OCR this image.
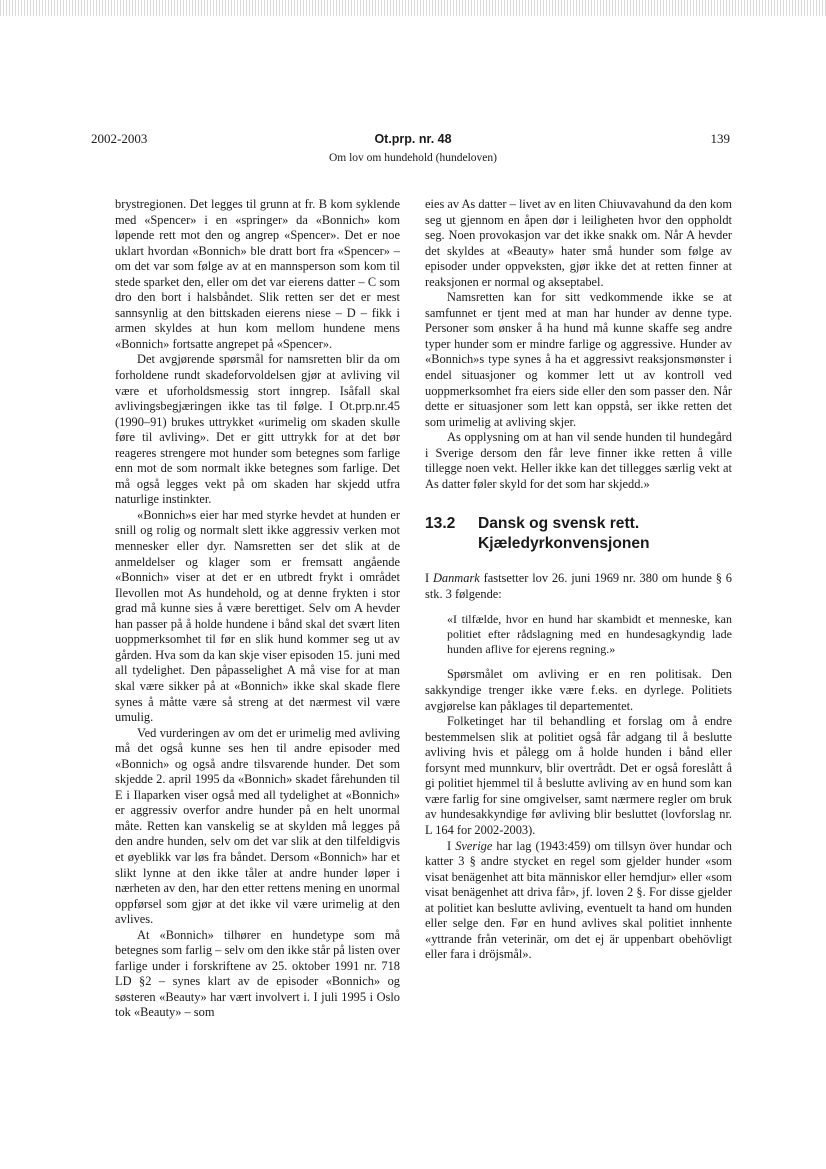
2002-2003	Ot.prp. nr. 48
Om lov om hundehold (hundeloven)
139

brystregionen. Det legges til grunn at fr. B kom syklende med «Spencer» i en «springer» da «Bonnich» kom løpende rett mot den og angrep «Spencer». Det er noe uklart hvordan «Bonnich» ble dratt bort fra «Spencer» – om det var som følge av at en mannsperson som kom til stede sparket den, eller om det var eierens datter – C som dro den bort i halsbåndet. Slik retten ser det er mest sannsynlig at den bittskaden eierens niese – D – fikk i armen skyldes at hun kom mellom hundene mens «Bonnich» fortsatte angrepet på «Spencer».

Det avgjørende spørsmål for namsretten blir da om forholdene rundt skadeforvoldelsen gjør at avliving vil være et uforholdsmessig stort inngrep. Isåfall skal avlivingsbegjæringen ikke tas til følge. I Ot.prp.nr.45 (1990–91) brukes uttrykket «urimelig om skaden skulle føre til avliving». Det er gitt uttrykk for at det bør reageres strengere mot hunder som betegnes som farlige enn mot de som normalt ikke betegnes som farlige. Det må også legges vekt på om skaden har skjedd utfra naturlige instinkter.

«Bonnich»s eier har med styrke hevdet at hunden er snill og rolig og normalt slett ikke aggressiv verken mot mennesker eller dyr. Namsretten ser det slik at de anmeldelser og klager som er fremsatt angående «Bonnich» viser at det er en utbredt frykt i området Ilevollen mot As hundehold, og at denne frykten i stor grad må kunne sies å være berettiget. Selv om A hevder han passer på å holde hundene i bånd skal det svært liten uoppmerksomhet til før en slik hund kommer seg ut av gården. Hva som da kan skje viser episoden 15. juni med all tydelighet. Den påpasselighet A må vise for at man skal være sikker på at «Bonnich» ikke skal skade flere synes å måtte være så streng at det nærmest vil være umulig.

Ved vurderingen av om det er urimelig med avliving må det også kunne ses hen til andre episoder med «Bonnich» og også andre tilsvarende hunder. Det som skjedde 2. april 1995 da «Bonnich» skadet fårehunden til E i Ilaparken viser også med all tydelighet at «Bonnich» er aggressiv overfor andre hunder på en helt unormal måte. Retten kan vanskelig se at skylden må legges på den andre hunden, selv om det var slik at den tilfeldigvis et øyeblikk var løs fra båndet. Dersom «Bonnich» har et slikt lynne at den ikke tåler at andre hunder løper i nærheten av den, har den etter rettens mening en unormal oppførsel som gjør at det ikke vil være urimelig at den avlives.

At «Bonnich» tilhører en hundetype som må betegnes som farlig – selv om den ikke står på listen over farlige under i forskriftene av 25. oktober 1991 nr. 718 LD §2 – synes klart av de episoder «Bonnich» og søsteren «Beauty» har vært involvert i. I juli 1995 i Oslo tok «Beauty» – som

eies av As datter – livet av en liten Chiuvavahund da den kom seg ut gjennom en åpen dør i leiligheten hvor den oppholdt seg. Noen provokasjon var det ikke snakk om. Når A hevder det skyldes at «Beauty» hater små hunder som følge av episoder under oppveksten, gjør ikke det at retten finner at reaksjonen er normal og akseptabel.

Namsretten kan for sitt vedkommende ikke se at samfunnet er tjent med at man har hunder av denne type. Personer som ønsker å ha hund må kunne skaffe seg andre typer hunder som er mindre farlige og aggressive. Hunder av «Bonnich»s type synes å ha et aggressivt reaksjonsmønster i endel situasjoner og kommer lett ut av kontroll ved uoppmerksomhet fra eiers side eller den som passer den. Når dette er situasjoner som lett kan oppstå, ser ikke retten det som urimelig at avliving skjer.

As opplysning om at han vil sende hunden til hundegård i Sverige dersom den får leve finner ikke retten å ville tillegge noen vekt. Heller ikke kan det tillegges særlig vekt at As datter føler skyld for det som har skjedd.»

13.2	Dansk og svensk rett. Kjæledyrkonvensjonen

I Danmark fastsetter lov 26. juni 1969 nr. 380 om hunde § 6 stk. 3 følgende:

«I tilfælde, hvor en hund har skambidt et menneske, kan politiet efter rådslagning med en hundesagkyndig lade hunden aflive for ejerens regning.»

Spørsmålet om avliving er en ren politisak. Den sakkyndige trenger ikke være f.eks. en dyrlege. Politiets avgjørelse kan påklages til departementet.

Folketinget har til behandling et forslag om å endre bestemmelsen slik at politiet også får adgang til å beslutte avliving hvis et pålegg om å holde hunden i bånd eller forsynt med munnkurv, blir overtrådt. Det er også foreslått å gi politiet hjemmel til å beslutte avliving av en hund som kan være farlig for sine omgivelser, samt nærmere regler om bruk av hundesakkyndige før avliving blir besluttet (lovforslag nr. L 164 for 2002-2003).

I Sverige har lag (1943:459) om tillsyn över hundar och katter 3 § andre stycket en regel som gjelder hunder «som visat benägenhet att bita människor eller hemdjur» eller «som visat benägenhet att driva får», jf. loven 2 §. For disse gjelder at politiet kan beslutte avliving, eventuelt ta hand om hunden eller selge den. Før en hund avlives skal politiet innhente «yttrande från veterinär, om det ej är uppenbart obehövligt eller fara i dröjsmål».
